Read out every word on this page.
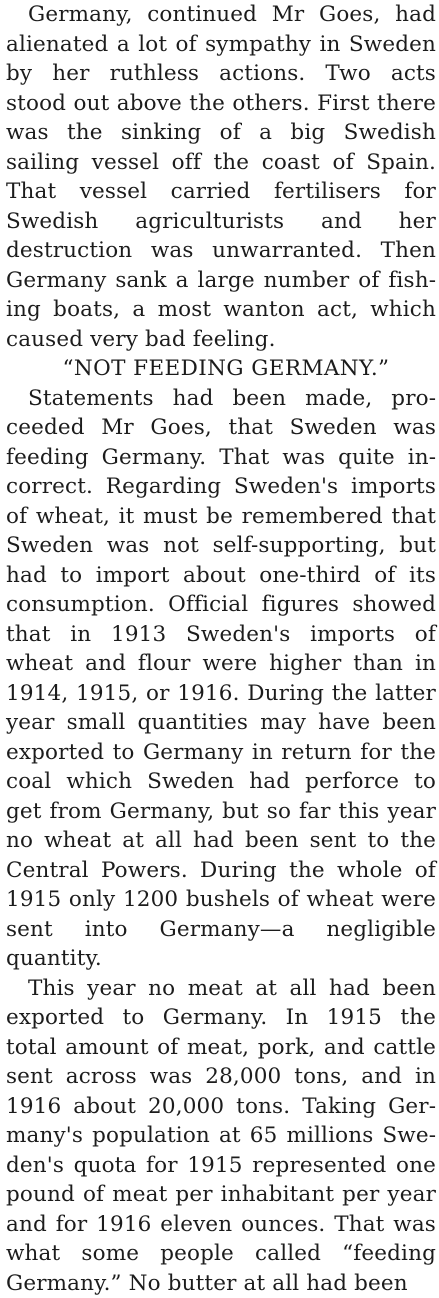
Germany, continued Mr Goes, had alienated a lot of sympathy in Sweden by her ruthless actions. Two acts stood out above the others. First there was the sinking of a big Swedish sailing vessel off the coast of Spain. That vessel carried fertilisers for Swedish agriculturists and her destruction was unwarranted. Then Germany sank a large number of fishing boats, a most wanton act, which caused very bad feeling.

“NOT FEEDING GERMANY.”

Statements had been made, proceeded Mr Goes, that Sweden was feeding Germany. That was quite incorrect. Regarding Sweden's imports of wheat, it must be remembered that Sweden was not self-supporting, but had to import about one-third of its consumption. Official figures showed that in 1913 Sweden's imports of wheat and flour were higher than in 1914, 1915, or 1916. During the latter year small quantities may have been exported to Germany in return for the coal which Sweden had perforce to get from Germany, but so far this year no wheat at all had been sent to the Central Powers. During the whole of 1915 only 1200 bushels of wheat were sent into Germany—a negligible quantity.

This year no meat at all had been exported to Germany. In 1915 the total amount of meat, pork, and cattle sent across was 28,000 tons, and in 1916 about 20,000 tons. Taking Germany's population at 65 millions Sweden's quota for 1915 represented one pound of meat per inhabitant per year and for 1916 eleven ounces. That was what some people called “feeding Germany.” No butter at all had been
